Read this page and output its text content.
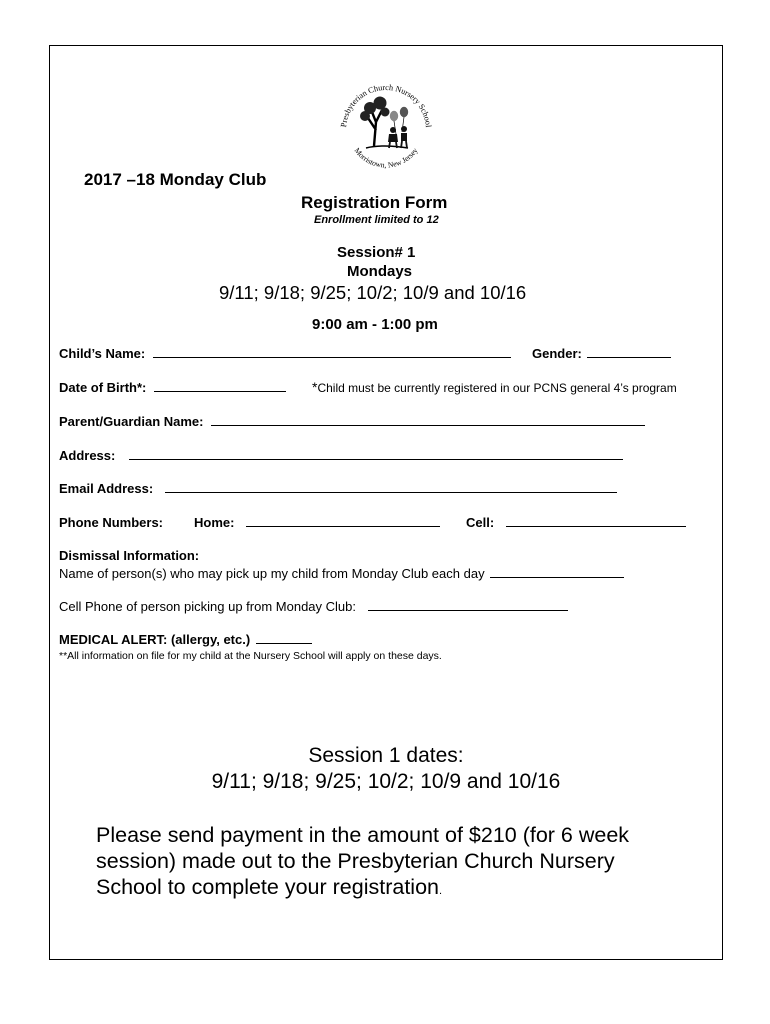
Presbyterian Church Nursery School
Morristown, New Jersey
2017 –18 Monday Club
Registration Form
Enrollment limited to 12
Session# 1
Mondays
9/11; 9/18; 9/25; 10/2; 10/9 and 10/16
9:00 am - 1:00 pm
Child’s Name:	Gender:
Date of Birth*:	*Child must be currently registered in our PCNS general 4’s program
Parent/Guardian Name:
Address:
Email Address:
Phone Numbers: Home:	Cell:
Dismissal Information:
Name of person(s) who may pick up my child from Monday Club each day
Cell Phone of person picking up from Monday Club:
MEDICAL ALERT: (allergy, etc.)
**All information on file for my child at the Nursery School will apply on these days.
Session 1 dates:
9/11; 9/18; 9/25; 10/2; 10/9 and 10/16
Please send payment in the amount of $210 (for 6 week
session) made out to the Presbyterian Church Nursery
School to complete your registration.
